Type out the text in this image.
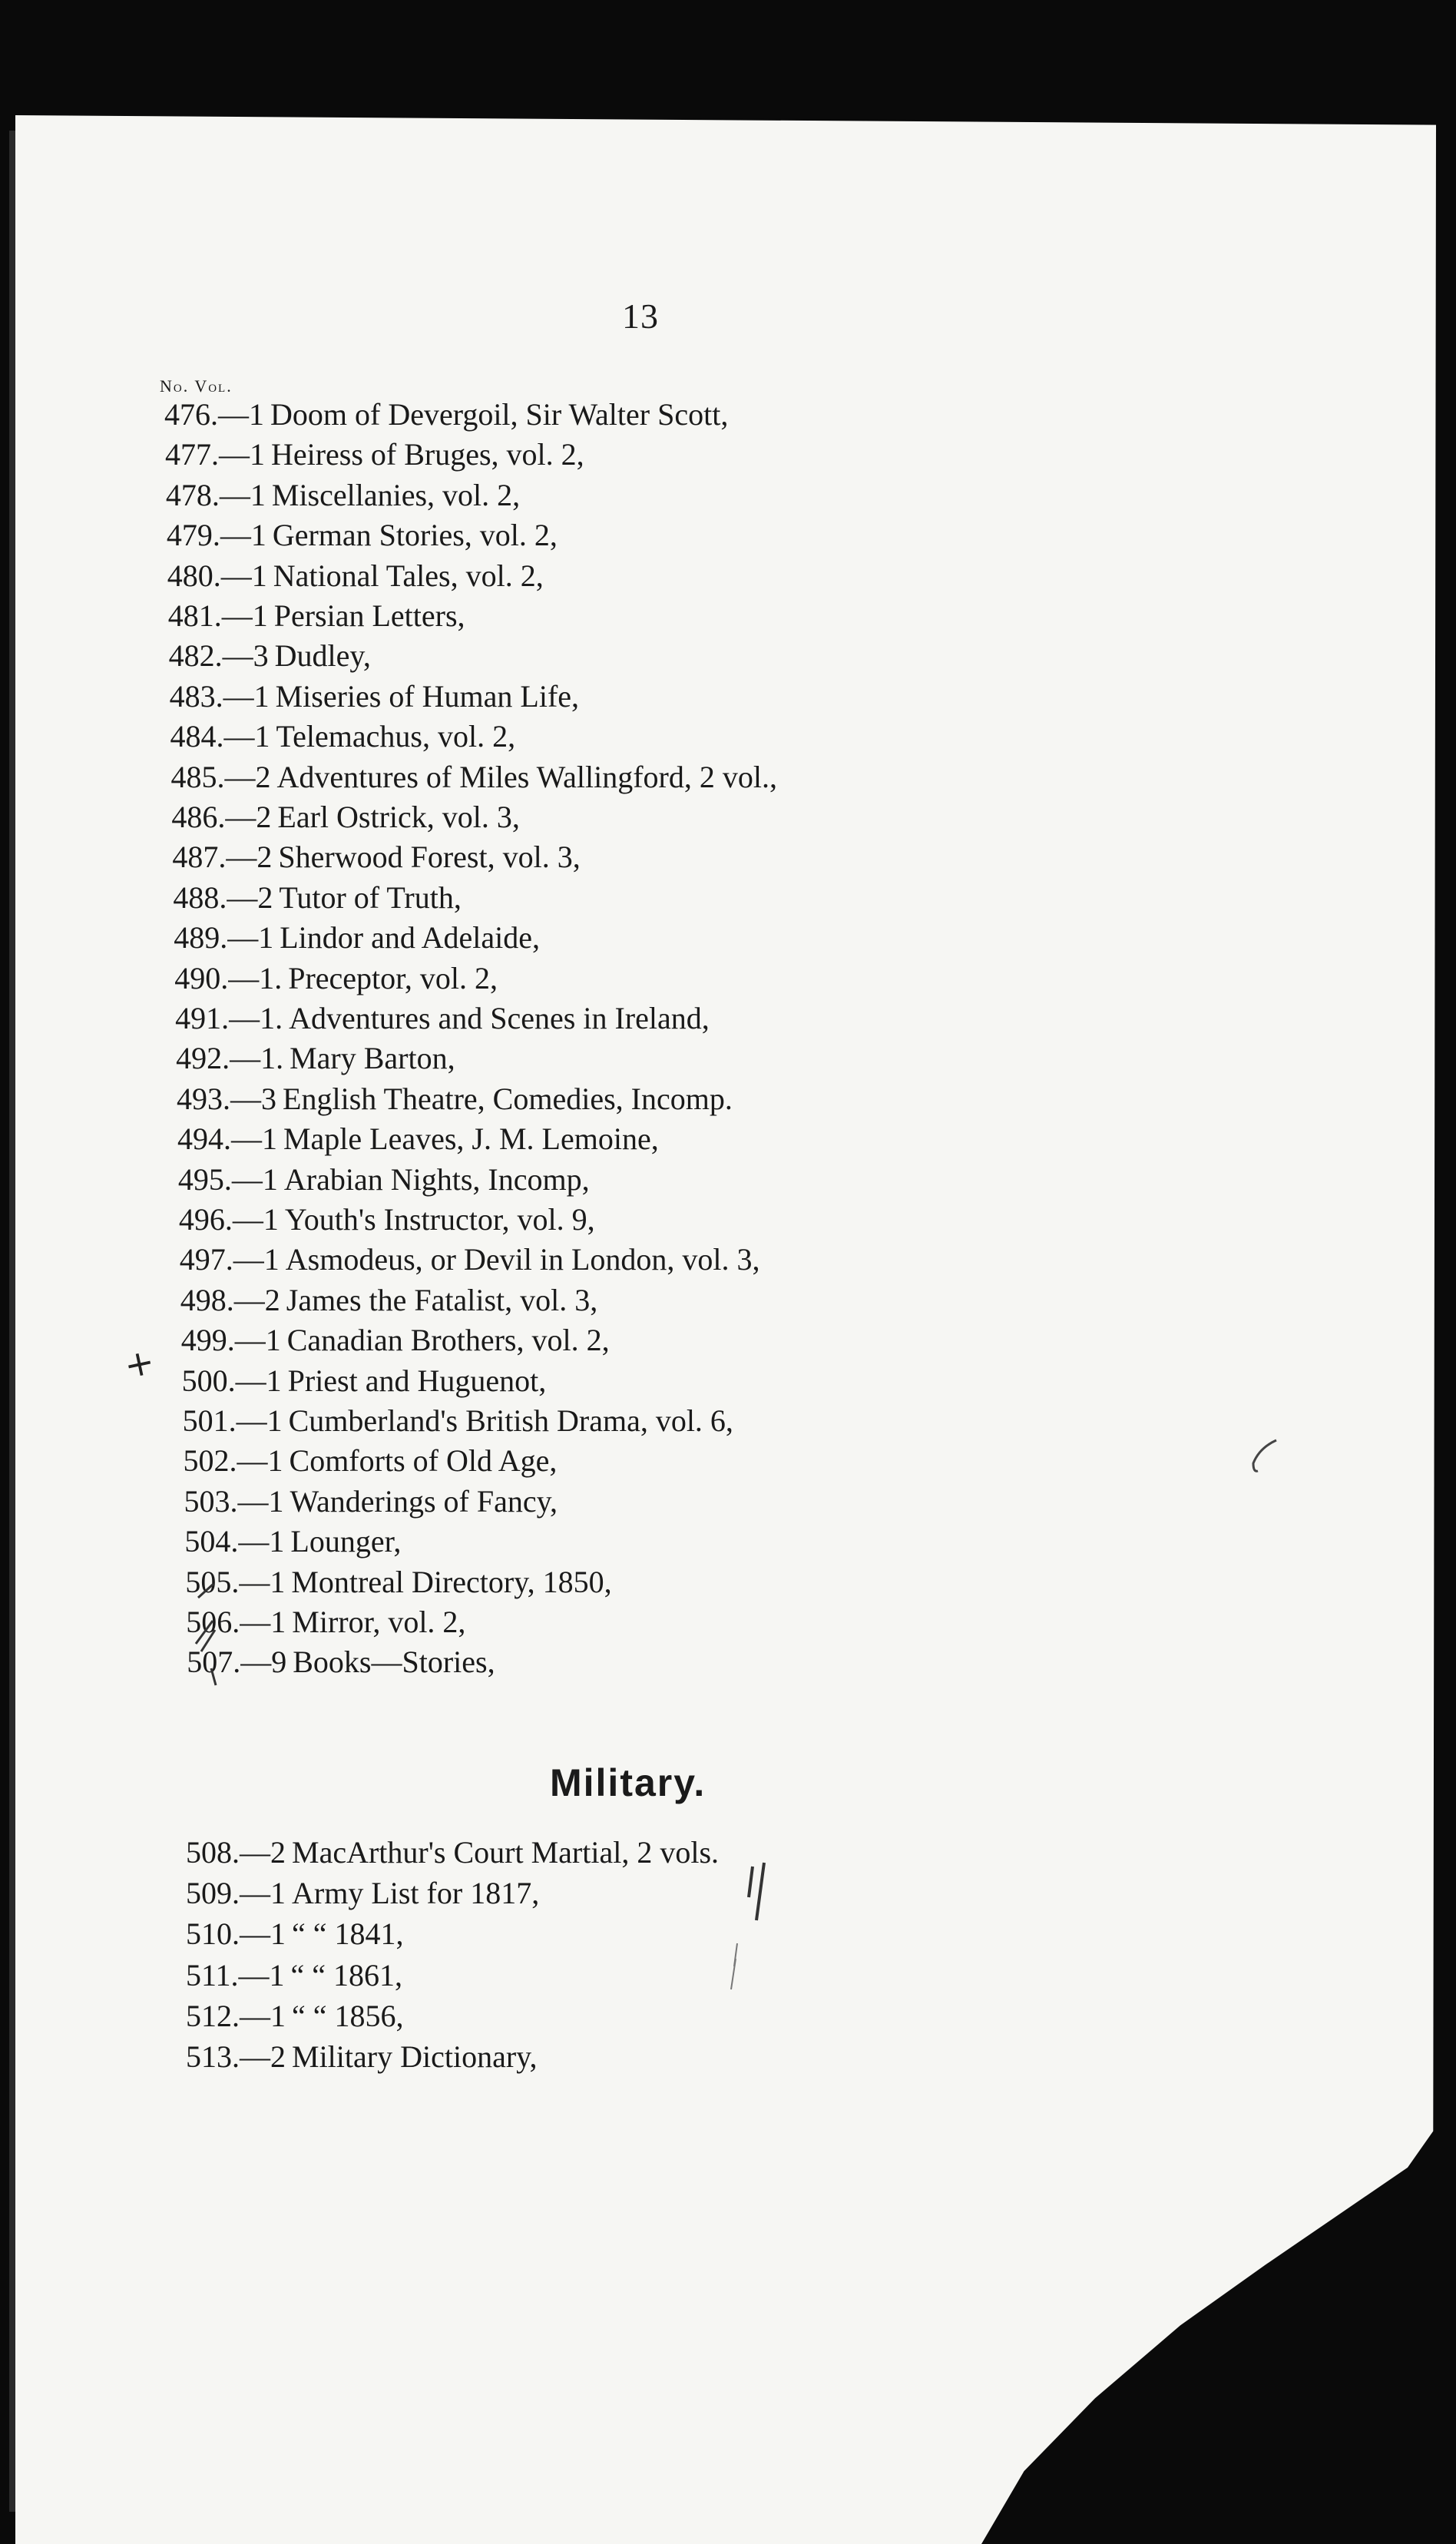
13
No. Vol.
476.—1 Doom of Devergoil, Sir Walter Scott,
477.—1 Heiress of Bruges, vol. 2,
478.—1 Miscellanies, vol. 2,
479.—1 German Stories, vol. 2,
480.—1 National Tales, vol. 2,
481.—1 Persian Letters,
482.—3 Dudley,
483.—1 Miseries of Human Life,
484.—1 Telemachus, vol. 2,
485.—2 Adventures of Miles Wallingford, 2 vol.,
486.—2 Earl Ostrick, vol. 3,
487.—2 Sherwood Forest, vol. 3,
488.—2 Tutor of Truth,
489.—1 Lindor and Adelaide,
490.—1. Preceptor, vol. 2,
491.—1. Adventures and Scenes in Ireland,
492.—1. Mary Barton,
493.—3 English Theatre, Comedies, Incomp.
494.—1 Maple Leaves, J. M. Lemoine,
495.—1 Arabian Nights, Incomp,
496.—1 Youth's Instructor, vol. 9,
497.—1 Asmodeus, or Devil in London, vol. 3,
498.—2 James the Fatalist, vol. 3,
499.—1 Canadian Brothers, vol. 2,
500.—1 Priest and Huguenot,
501.—1 Cumberland's British Drama, vol. 6,
502.—1 Comforts of Old Age,
503.—1 Wanderings of Fancy,
504.—1 Lounger,
505.—1 Montreal Directory, 1850,
506.—1 Mirror, vol. 2,
507.—9 Books—Stories,
508.—2 MacArthur's Court Martial, 2 vols.
509.—1 Army List for 1817,
510.—1 “ “ 1841,
511.—1 “ “ 1861,
512.—1 “ “ 1856,
513.—2 Military Dictionary,
Military.
+
